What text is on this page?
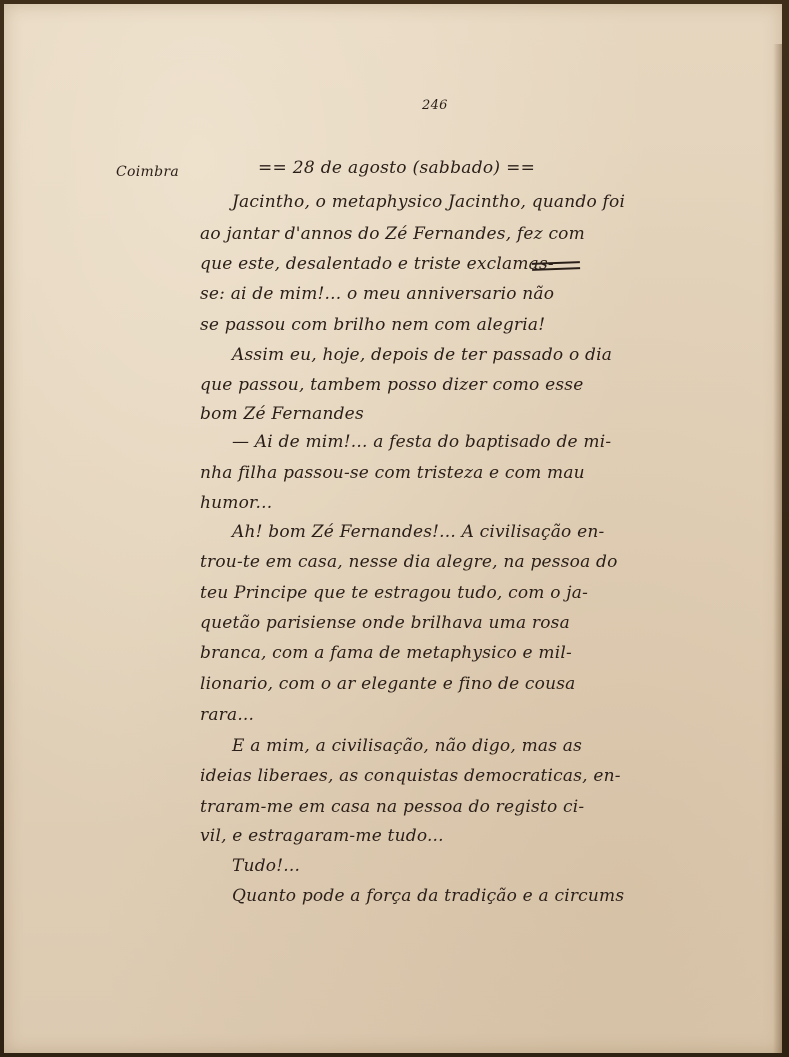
246
Coimbra	== 28 de agosto (sabbado) ==
Jacintho, o metaphysico Jacintho, quando foi
ao jantar d'annos do Zé Fernandes, fez com
que este, desalentado e triste exclamas-
se: ai de mim!... o meu anniversario não
se passou com brilho nem com alegria!
Assim eu, hoje, depois de ter passado o dia
que passou, tambem posso dizer como esse
bom Zé Fernandes
— Ai de mim!... a festa do baptisado de mi-
nha filha passou-se com tristeza e com mau
humor...
Ah! bom Zé Fernandes!... A civilisação en-
trou-te em casa, nesse dia alegre, na pessoa do
teu Principe que te estragou tudo, com o ja-
quetão parisiense onde brilhava uma rosa
branca, com a fama de metaphysico e mil-
lionario, com o ar elegante e fino de cousa
rara...
E a mim, a civilisação, não digo, mas as
ideias liberaes, as conquistas democraticas, en-
traram-me em casa na pessoa do registo ci-
vil, e estragaram-me tudo...
Tudo!...
Quanto pode a força da tradição e a circums
